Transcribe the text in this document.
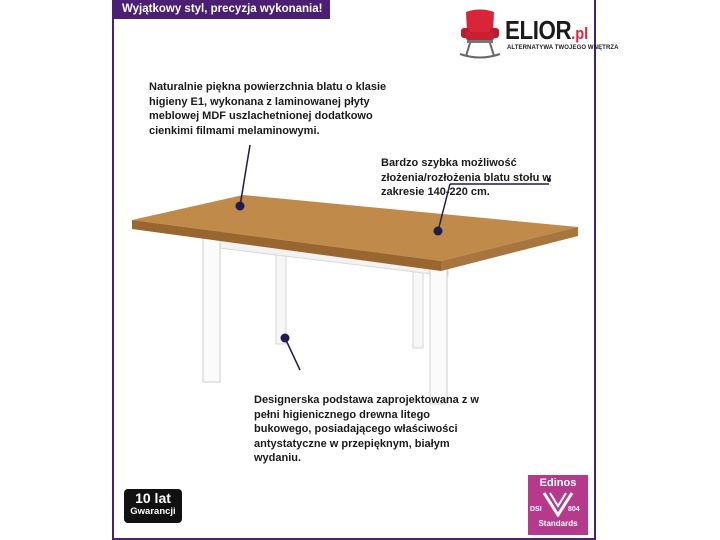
Wyjątkowy styl, precyzja wykonania!
ELIOR.pl
ALTERNATYWA TWOJEGO WNĘTRZA
Naturalnie piękna powierzchnia blatu o klasie higieny E1, wykonana z laminowanej płyty meblowej MDF uszlachetnionej dodatkowo cienkimi filmami melaminowymi.
Bardzo szybka możliwość złożenia/rozłożenia blatu stołu w zakresie 140-220 cm.
Designerska podstawa zaprojektowana z w pełni higienicznego drewna litego bukowego, posiadającego właściwości antystatyczne w przepięknym, białym wydaniu.
10 lat
Gwarancji
Edinos
DSI	804
Standards
